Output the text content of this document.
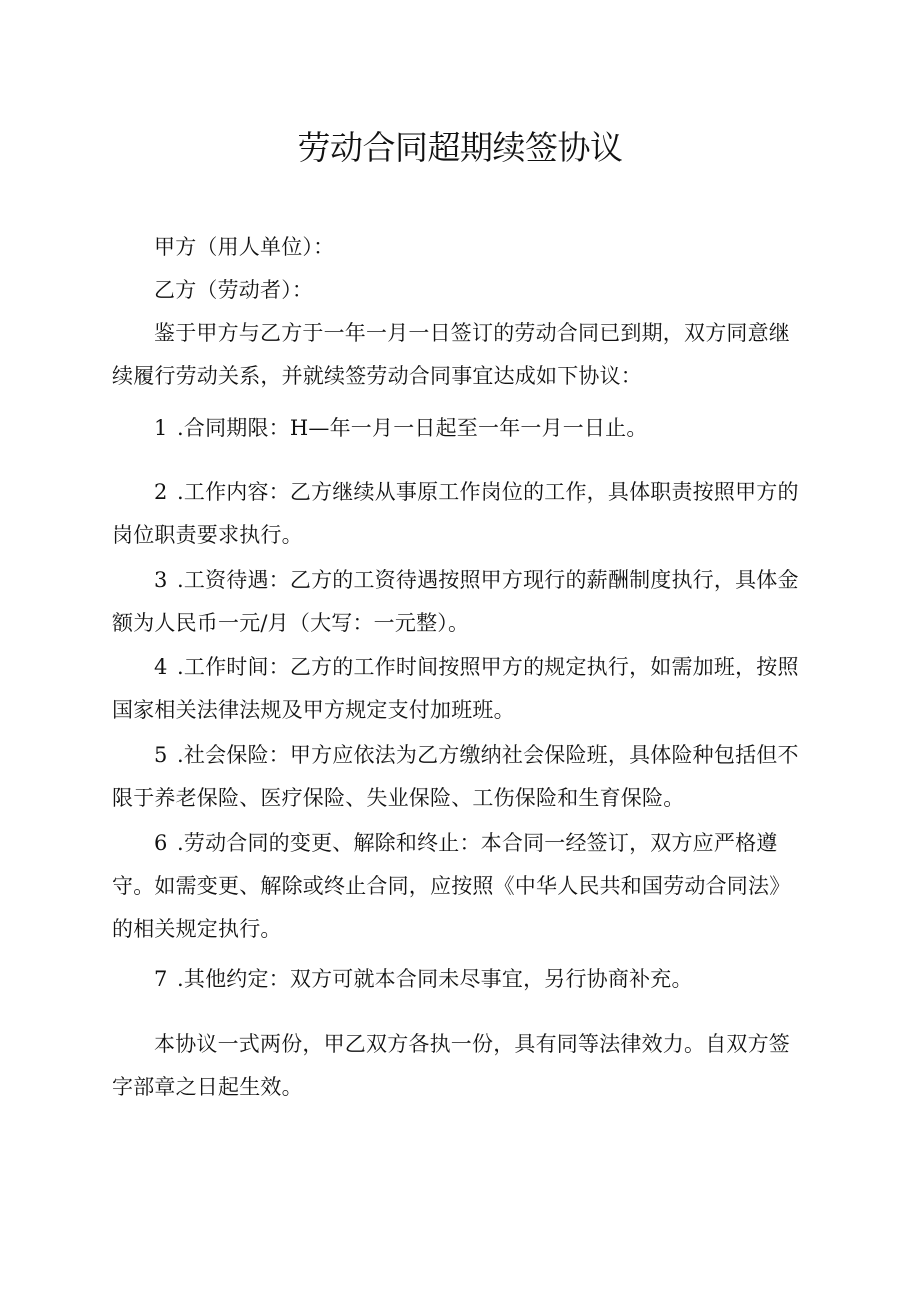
劳动合同超期续签协议

甲方（用人单位）：

乙方（劳动者）：

鉴于甲方与乙方于一年一月一日签订的劳动合同已到期，双方同意继续履行劳动关系，并就续签劳动合同事宜达成如下协议：

1 .合同期限：H—年一月一日起至一年一月一日止。

2 .工作内容：乙方继续从事原工作岗位的工作，具体职责按照甲方的岗位职责要求执行。

3 .工资待遇：乙方的工资待遇按照甲方现行的薪酬制度执行，具体金额为人民币一元/月（大写：一元整）。

4 .工作时间：乙方的工作时间按照甲方的规定执行，如需加班，按照国家相关法律法规及甲方规定支付加班班。

5 .社会保险：甲方应依法为乙方缴纳社会保险班，具体险种包括但不限于养老保险、医疗保险、失业保险、工伤保险和生育保险。

6 .劳动合同的变更、解除和终止：本合同一经签订，双方应严格遵守。如需变更、解除或终止合同，应按照《中华人民共和国劳动合同法》的相关规定执行。

7 .其他约定：双方可就本合同未尽事宜，另行协商补充。

本协议一式两份，甲乙双方各执一份，具有同等法律效力。自双方签字部章之日起生效。
